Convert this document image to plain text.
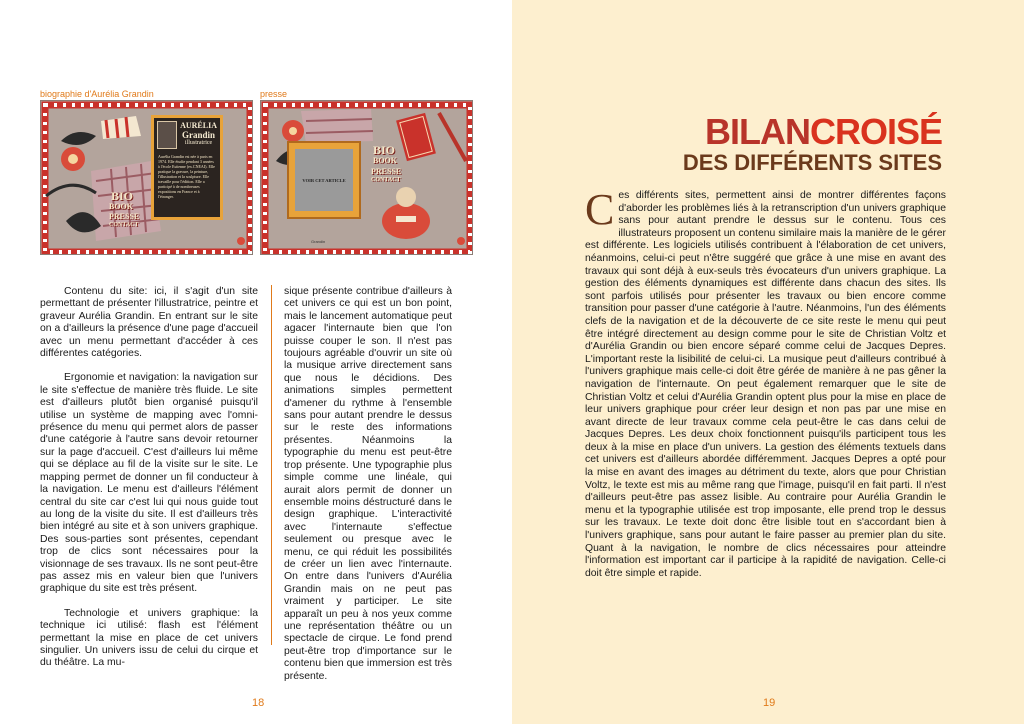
biographie d'Aurélia Grandin	presse
AURÉLIA
Grandin
illustratrice
Aurélia Grandin est née à paris en 1974. Elle étudie pendant 3 années à l'école Estienne (ex.CNEAI). Elle pratique la gravure, la peinture, l'illustration et la sculpture. Elle travaille pour l'édition. Elle a participé à de nombreuses expositions en France et à l'étranger.
BIO
BOOK
PRESSE
CONTACT
VOIR CET ARTICLE
BIO
BOOK
PRESSE
CONTACT
Grandin

Contenu du site: ici, il s'agit d'un site permettant de présenter l'illustratrice, peintre et graveur Aurélia Grandin. En entrant sur le site on a d'ailleurs la présence d'une page d'accueil avec un menu permettant d'accéder à ces différentes catégories.

Ergonomie et navigation: la navigation sur le site s'effectue de manière très fluide. Le site est d'ailleurs plutôt bien organisé puisqu'il utilise un système de mapping avec l'omni-présence du menu qui permet alors de passer d'une catégorie à l'autre sans devoir retourner sur la page d'accueil. C'est d'ailleurs lui même qui se déplace au fil de la visite sur le site. Le mapping permet de donner un fil conducteur à la navigation. Le menu est d'ailleurs l'élément central du site car c'est lui qui nous guide tout au long de la visite du site. Il est d'ailleurs très bien intégré au site et à son univers graphique. Des sous-parties sont présentes, cependant trop de clics sont nécessaires pour la visionnage de ses travaux. Ils ne sont peut-être pas assez mis en valeur bien que l'univers graphique du site est très présent.

Technologie et univers graphique: la technique ici utilisé: flash est l'élément permettant la mise en place de cet univers singulier. Un univers issu de celui du cirque et du théâtre. La mu-

sique présente contribue d'ailleurs à cet univers ce qui est un bon point, mais le lancement automatique peut agacer l'internaute bien que l'on puisse couper le son. Il n'est pas toujours agréable d'ouvrir un site où la musique arrive directement sans que nous le décidions. Des animations simples permettent d'amener du rythme à l'ensemble sans pour autant prendre le dessus sur le reste des informations présentes. Néanmoins la typographie du menu est peut-être trop présente. Une typographie plus simple comme une linéale, qui aurait alors permit de donner un ensemble moins déstructuré dans le design graphique. L'interactivité avec l'internaute s'effectue seulement ou presque avec le menu, ce qui réduit les possibilités de créer un lien avec l'internaute. On entre dans l'univers d'Aurélia Grandin mais on ne peut pas vraiment y participer. Le site apparaît un peu à nos yeux comme une représentation théâtre ou un spectacle de cirque. Le fond prend peut-être trop d'importance sur le contenu bien que immersion est très présente.

18
BILANCROISÉ
DES DIFFÉRENTS SITES
Ces différents sites, permettent ainsi de montrer différentes façons d'aborder les problèmes liés à la retranscription d'un univers graphique sans pour autant prendre le dessus sur le contenu. Tous ces illustrateurs proposent un contenu similaire mais la manière de le gérer est différente. Les logiciels utilisés contribuent à l'élaboration de cet univers, néanmoins, celui-ci peut n'être suggéré que grâce à une mise en avant des travaux qui sont déjà à eux-seuls très évocateurs d'un univers graphique. La gestion des éléments dynamiques est différente dans chacun des sites. Ils sont parfois utilisés pour présenter les travaux ou bien encore comme transition pour passer d'une catégorie à l'autre. Néanmoins, l'un des éléments clefs de la navigation et de la découverte de ce site reste le menu qui peut être intégré directement au design comme pour le site de Christian Voltz et d'Aurélia Grandin ou bien encore séparé comme celui de Jacques Depres. L'important reste la lisibilité de celui-ci. La musique peut d'ailleurs contribué à l'univers graphique mais celle-ci doit être gérée de manière à ne pas gêner la navigation de l'internaute. On peut également remarquer que le site de Christian Voltz et celui d'Aurélia Grandin optent plus pour la mise en place de leur univers graphique pour créer leur design et non pas par une mise en avant directe de leur travaux comme cela peut-être le cas dans celui de Jacques Depres. Les deux choix fonctionnent puisqu'ils participent tous les deux à la mise en place d'un univers. La gestion des éléments textuels dans cet univers est d'ailleurs abordée différemment. Jacques Depres a opté pour la mise en avant des images au détriment du texte, alors que pour Christian Voltz, le texte est mis au même rang que l'image, puisqu'il en fait parti. Il n'est d'ailleurs peut-être pas assez lisible. Au contraire pour Aurélia Grandin le menu et la typographie utilisée est trop imposante, elle prend trop le dessus sur les travaux. Le texte doit donc être lisible tout en s'accordant bien à l'univers graphique, sans pour autant le faire passer au premier plan du site. Quant à la navigation, le nombre de clics nécessaires pour atteindre l'information est important car il participe à la rapidité de navigation. Celle-ci doit être simple et rapide.
19
